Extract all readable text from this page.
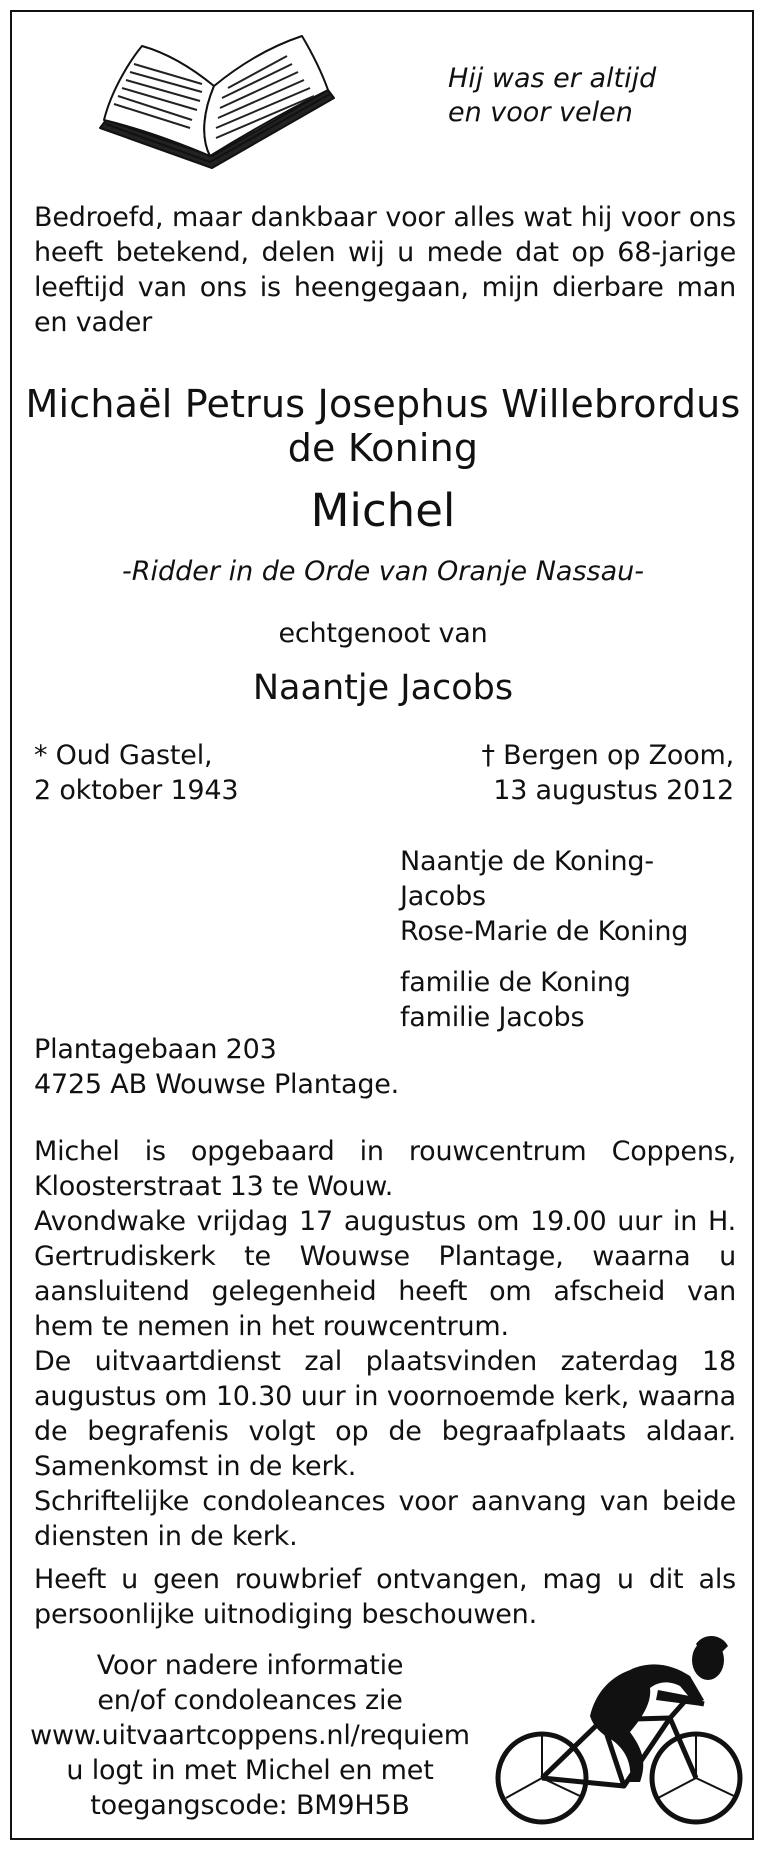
Hij was er altijd
en voor velen
Bedroefd, maar dankbaar voor alles wat hij voor ons heeft betekend, delen wij u mede dat op 68-jarige leeftijd van ons is heengegaan, mijn dierbare man en vader
Michaël Petrus Josephus Willebrordus
de Koning
Michel
-Ridder in de Orde van Oranje Nassau-
echtgenoot van
Naantje Jacobs
* Oud Gastel,
2 oktober 1943
† Bergen op Zoom,
13 augustus 2012
Naantje de Koning-Jacobs
Rose-Marie de Koning
familie de Koning
familie Jacobs
Plantagebaan 203
4725 AB Wouwse Plantage.
Michel is opgebaard in rouwcentrum Coppens, Kloosterstraat 13 te Wouw.
Avondwake vrijdag 17 augustus om 19.00 uur in H. Gertrudiskerk te Wouwse Plantage, waarna u aansluitend gelegenheid heeft om afscheid van hem te nemen in het rouwcentrum.
De uitvaartdienst zal plaatsvinden zaterdag 18 augustus om 10.30 uur in voornoemde kerk, waarna de begrafenis volgt op de begraafplaats aldaar. Samenkomst in de kerk.
Schriftelijke condoleances voor aanvang van beide diensten in de kerk.
Heeft u geen rouwbrief ontvangen, mag u dit als persoonlijke uitnodiging beschouwen.
Voor nadere informatie
en/of condoleances zie
www.uitvaartcoppens.nl/requiem
u logt in met Michel en met
toegangscode: BM9H5B
